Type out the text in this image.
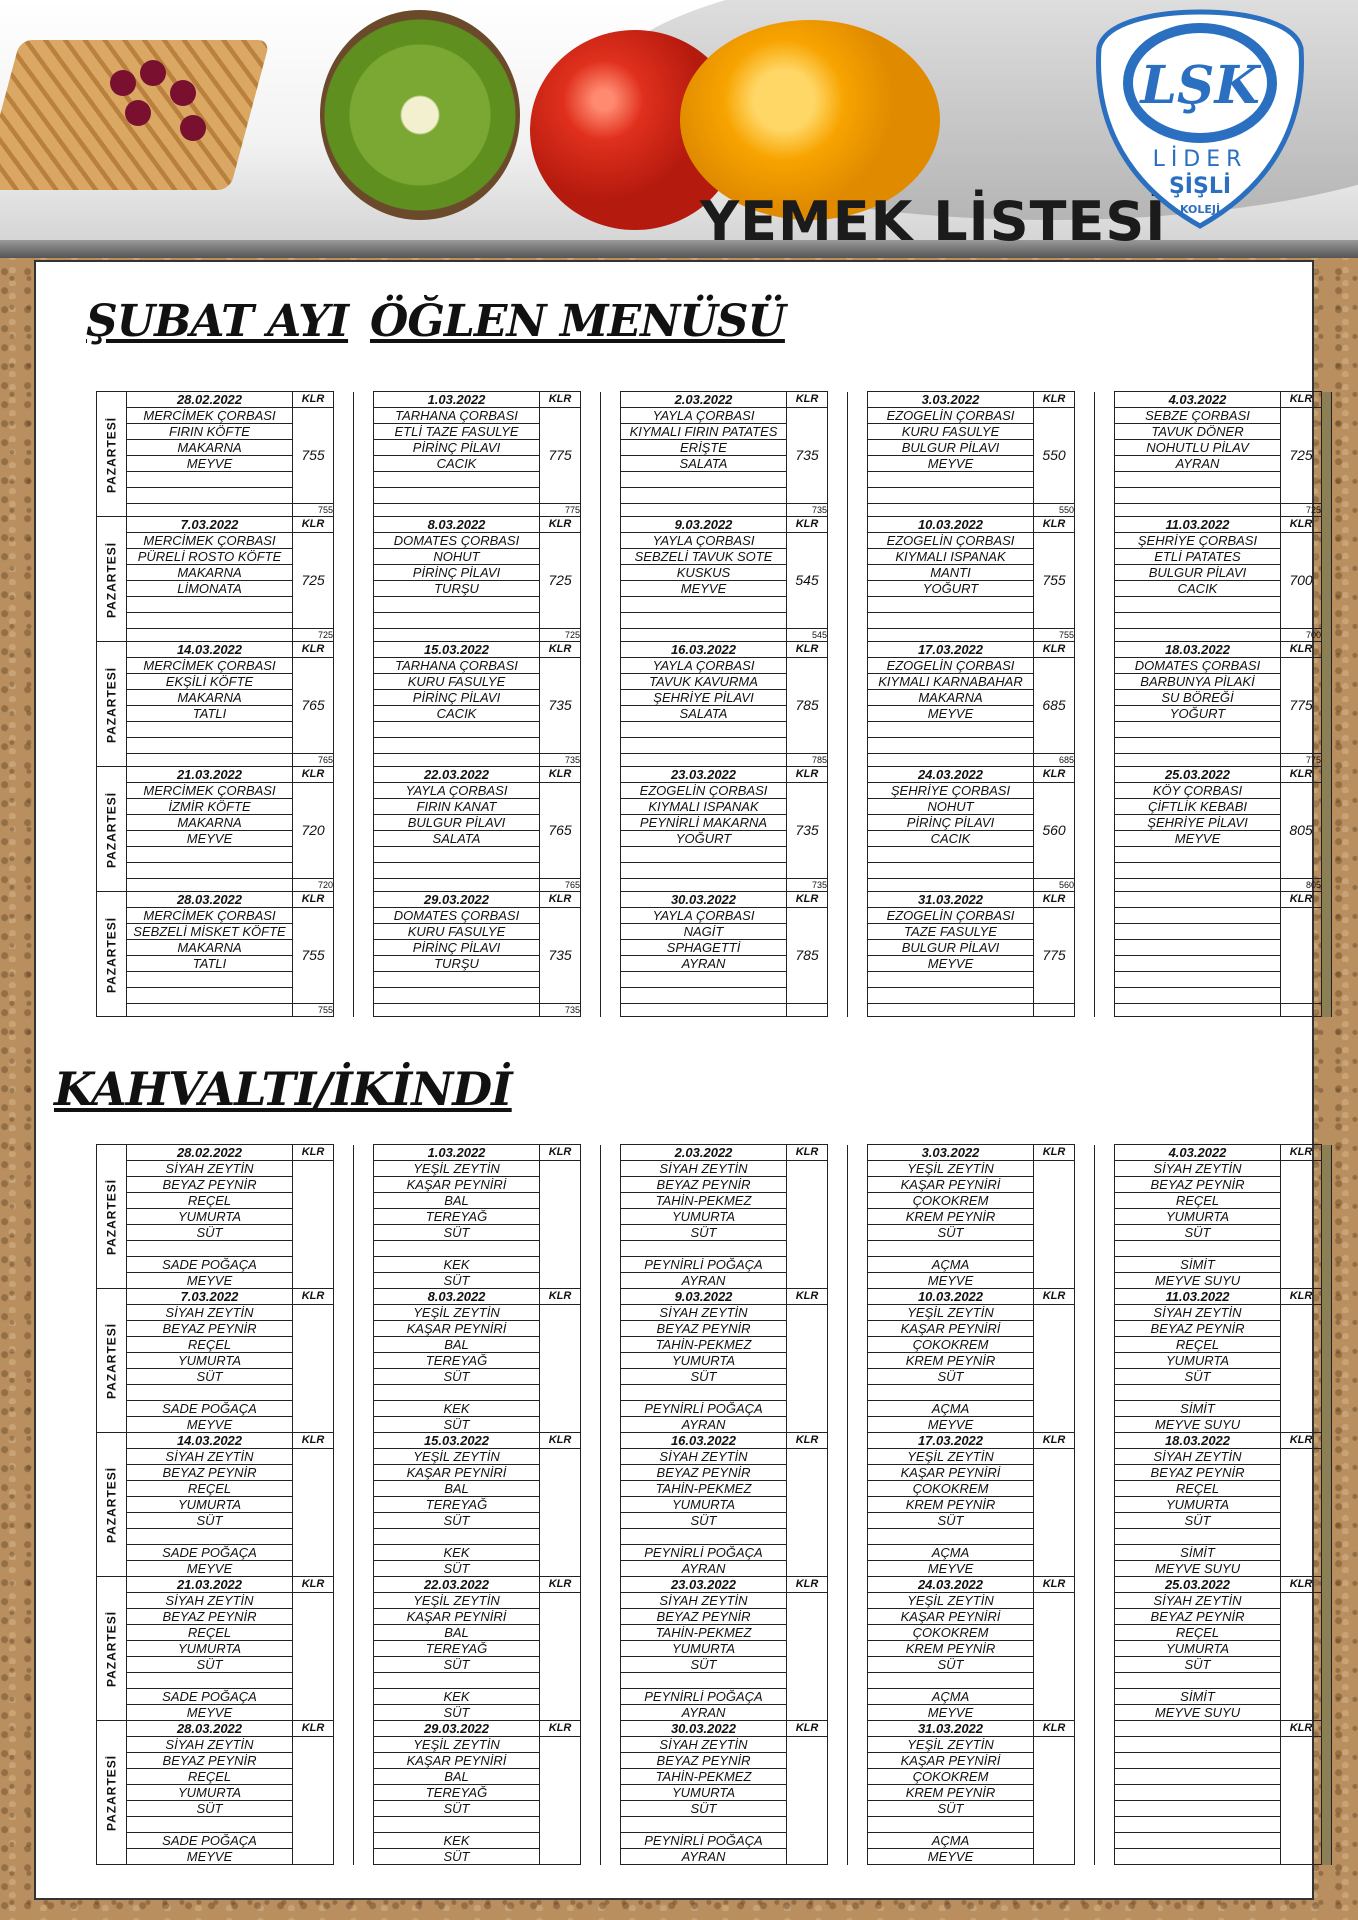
YEMEK LİSTESİ
LŞK
LİDER
ŞİŞLİ
KOLEJİ
ŞUBAT AYI ÖĞLEN MENÜSÜ
PAZARTESİ	28.02.2022	KLR			1.03.2022	KLR			2.03.2022	KLR			3.03.2022	KLR			4.03.2022	KLR	
	MERCİMEK ÇORBASI	755			TARHANA ÇORBASI	775			YAYLA ÇORBASI	735			EZOGELİN ÇORBASI	550			SEBZE ÇORBASI	725	
	FIRIN KÖFTE				ETLİ TAZE FASULYE				KIYMALI FIRIN PATATES				KURU FASULYE				TAVUK DÖNER		
	MAKARNA				PİRİNÇ PİLAVI				ERİŞTE				BULGUR PİLAVI				NOHUTLU PİLAV		
	MEYVE				CACIK				SALATA				MEYVE				AYRAN		

		755				775				735				550				725	
PAZARTESİ	7.03.2022	KLR			8.03.2022	KLR			9.03.2022	KLR			10.03.2022	KLR			11.03.2022	KLR	
	MERCİMEK ÇORBASI	725			DOMATES ÇORBASI	725			YAYLA ÇORBASI	545			EZOGELİN ÇORBASI	755			ŞEHRİYE ÇORBASI	700	
	PÜRELİ ROSTO KÖFTE				NOHUT				SEBZELİ TAVUK SOTE				KIYMALI ISPANAK				ETLİ PATATES		
	MAKARNA				PİRİNÇ PİLAVI				KUSKUS				MANTI				BULGUR PİLAVI		
	LİMONATA				TURŞU				MEYVE				YOĞURT				CACIK		

		725				725				545				755				700	
PAZARTESİ	14.03.2022	KLR			15.03.2022	KLR			16.03.2022	KLR			17.03.2022	KLR			18.03.2022	KLR	
	MERCİMEK ÇORBASI	765			TARHANA ÇORBASI	735			YAYLA ÇORBASI	785			EZOGELİN ÇORBASI	685			DOMATES ÇORBASI	775	
	EKŞİLİ KÖFTE				KURU FASULYE				TAVUK KAVURMA				KIYMALI KARNABAHAR				BARBUNYA PİLAKİ		
	MAKARNA				PİRİNÇ PİLAVI				ŞEHRİYE PİLAVI				MAKARNA				SU BÖREĞİ		
	TATLI				CACIK				SALATA				MEYVE				YOĞURT		

		765				735				785				685				775	
PAZARTESİ	21.03.2022	KLR			22.03.2022	KLR			23.03.2022	KLR			24.03.2022	KLR			25.03.2022	KLR	
	MERCİMEK ÇORBASI	720			YAYLA ÇORBASI	765			EZOGELİN ÇORBASI	735			ŞEHRİYE ÇORBASI	560			KÖY ÇORBASI	805	
	İZMİR KÖFTE				FIRIN KANAT				KIYMALI ISPANAK				NOHUT				ÇİFTLİK KEBABI		
	MAKARNA				BULGUR PİLAVI				PEYNİRLİ MAKARNA				PİRİNÇ PİLAVI				ŞEHRİYE PİLAVI		
	MEYVE				SALATA				YOĞURT				CACIK				MEYVE		

		720				765				735				560				805	
PAZARTESİ	28.03.2022	KLR			29.03.2022	KLR			30.03.2022	KLR			31.03.2022	KLR				KLR	
	MERCİMEK ÇORBASI	755			DOMATES ÇORBASI	735			YAYLA ÇORBASI	785			EZOGELİN ÇORBASI	775					
	SEBZELİ MİSKET KÖFTE				KURU FASULYE				NAGİT				TAZE FASULYE						
	MAKARNA				PİRİNÇ PİLAVI				SPHAGETTİ				BULGUR PİLAVI						
	TATLI				TURŞU				AYRAN				MEYVE						

		755				735													
KAHVALTI/İKİNDİ
PAZARTESİ	28.02.2022	KLR			1.03.2022	KLR			2.03.2022	KLR			3.03.2022	KLR			4.03.2022	KLR	
	SİYAH ZEYTİN				YEŞİL ZEYTİN				SİYAH ZEYTİN				YEŞİL ZEYTİN				SİYAH ZEYTİN		
	BEYAZ PEYNİR				KAŞAR PEYNİRİ				BEYAZ PEYNİR				KAŞAR PEYNİRİ				BEYAZ PEYNİR		
	REÇEL				BAL				TAHİN-PEKMEZ				ÇOKOKREM				REÇEL		
	YUMURTA				TEREYAĞ				YUMURTA				KREM PEYNİR				YUMURTA		
	SÜT				SÜT				SÜT				SÜT				SÜT		

	SADE POĞAÇA				KEK				PEYNİRLİ POĞAÇA				AÇMA				SİMİT		
	MEYVE				SÜT				AYRAN				MEYVE				MEYVE SUYU		
PAZARTESİ	7.03.2022	KLR			8.03.2022	KLR			9.03.2022	KLR			10.03.2022	KLR			11.03.2022	KLR	
	SİYAH ZEYTİN				YEŞİL ZEYTİN				SİYAH ZEYTİN				YEŞİL ZEYTİN				SİYAH ZEYTİN		
	BEYAZ PEYNİR				KAŞAR PEYNİRİ				BEYAZ PEYNİR				KAŞAR PEYNİRİ				BEYAZ PEYNİR		
	REÇEL				BAL				TAHİN-PEKMEZ				ÇOKOKREM				REÇEL		
	YUMURTA				TEREYAĞ				YUMURTA				KREM PEYNİR				YUMURTA		
	SÜT				SÜT				SÜT				SÜT				SÜT		

	SADE POĞAÇA				KEK				PEYNİRLİ POĞAÇA				AÇMA				SİMİT		
	MEYVE				SÜT				AYRAN				MEYVE				MEYVE SUYU		
PAZARTESİ	14.03.2022	KLR			15.03.2022	KLR			16.03.2022	KLR			17.03.2022	KLR			18.03.2022	KLR	
	SİYAH ZEYTİN				YEŞİL ZEYTİN				SİYAH ZEYTİN				YEŞİL ZEYTİN				SİYAH ZEYTİN		
	BEYAZ PEYNİR				KAŞAR PEYNİRİ				BEYAZ PEYNİR				KAŞAR PEYNİRİ				BEYAZ PEYNİR		
	REÇEL				BAL				TAHİN-PEKMEZ				ÇOKOKREM				REÇEL		
	YUMURTA				TEREYAĞ				YUMURTA				KREM PEYNİR				YUMURTA		
	SÜT				SÜT				SÜT				SÜT				SÜT		

	SADE POĞAÇA				KEK				PEYNİRLİ POĞAÇA				AÇMA				SİMİT		
	MEYVE				SÜT				AYRAN				MEYVE				MEYVE SUYU		
PAZARTESİ	21.03.2022	KLR			22.03.2022	KLR			23.03.2022	KLR			24.03.2022	KLR			25.03.2022	KLR	
	SİYAH ZEYTİN				YEŞİL ZEYTİN				SİYAH ZEYTİN				YEŞİL ZEYTİN				SİYAH ZEYTİN		
	BEYAZ PEYNİR				KAŞAR PEYNİRİ				BEYAZ PEYNİR				KAŞAR PEYNİRİ				BEYAZ PEYNİR		
	REÇEL				BAL				TAHİN-PEKMEZ				ÇOKOKREM				REÇEL		
	YUMURTA				TEREYAĞ				YUMURTA				KREM PEYNİR				YUMURTA		
	SÜT				SÜT				SÜT				SÜT				SÜT		

	SADE POĞAÇA				KEK				PEYNİRLİ POĞAÇA				AÇMA				SİMİT		
	MEYVE				SÜT				AYRAN				MEYVE				MEYVE SUYU		
PAZARTESİ	28.03.2022	KLR			29.03.2022	KLR			30.03.2022	KLR			31.03.2022	KLR				KLR	
	SİYAH ZEYTİN				YEŞİL ZEYTİN				SİYAH ZEYTİN				YEŞİL ZEYTİN						
	BEYAZ PEYNİR				KAŞAR PEYNİRİ				BEYAZ PEYNİR				KAŞAR PEYNİRİ						
	REÇEL				BAL				TAHİN-PEKMEZ				ÇOKOKREM						
	YUMURTA				TEREYAĞ				YUMURTA				KREM PEYNİR						
	SÜT				SÜT				SÜT				SÜT						

	SADE POĞAÇA				KEK				PEYNİRLİ POĞAÇA				AÇMA						
	MEYVE				SÜT				AYRAN				MEYVE						
